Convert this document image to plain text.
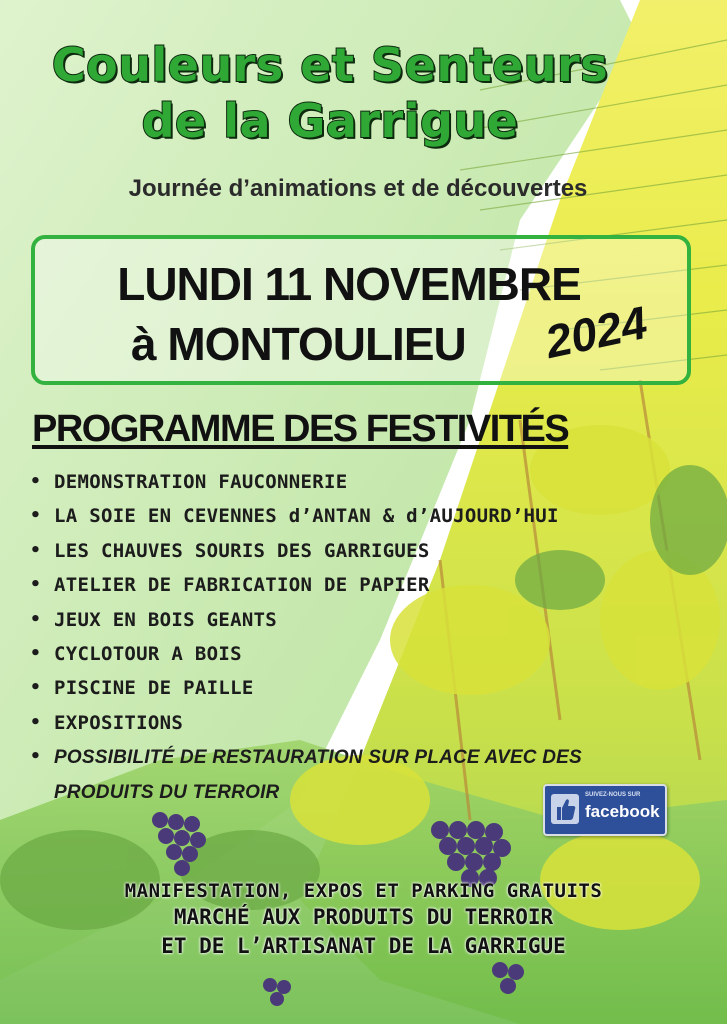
Couleurs et Senteurs
de la Garrigue
Journée d’animations et de découvertes
LUNDI 11 NOVEMBRE
à MONTOULIEU 2024
PROGRAMME DES FESTIVITÉS
• DEMONSTRATION FAUCONNERIE
• LA SOIE EN CEVENNES d’ANTAN & d’AUJOURD’HUI
• LES CHAUVES SOURIS DES GARRIGUES
• ATELIER DE FABRICATION DE PAPIER
• JEUX EN BOIS GEANTS
• CYCLOTOUR A BOIS
• PISCINE DE PAILLE
• EXPOSITIONS
• POSSIBILITÉ DE RESTAURATION SUR PLACE AVEC DES
PRODUITS DU TERROIR	SUIVEZ-NOUS SUR
facebook
MANIFESTATION, EXPOS ET PARKING GRATUITS
MARCHÉ AUX PRODUITS DU TERROIR
ET DE L’ARTISANAT DE LA GARRIGUE
